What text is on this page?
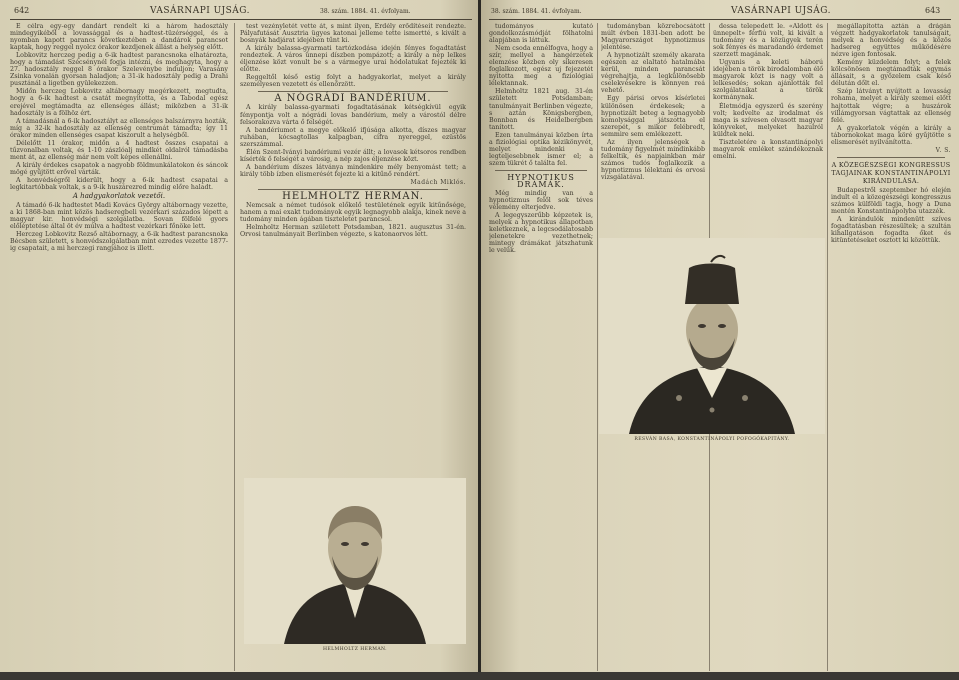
642	VASÁRNAPI UJSÁG.	38. szám. 1884. 41. évfolyam.

E célra egy-egy dandárt rendelt ki a három hadosztály mindegyikéből a lovassággal és a hadtest-tüzérséggel, és a nyomban kapott parancs következtében a dandárok parancsot kaptak, hogy reggel nyolcz órakor kezdjenek állást a helység előtt.

Lobkovitz herczeg pedig a 6-ik hadtest parancsnoka elhatározta, hogy a támadást Szécsénynél fogja intézni, és meghagyta, hogy a 27. hadosztály reggel 8 órakor Szelevénybe induljon; Varasány Zsinka vonalán gyorsan haladjon; a 31-ik hadosztály pedig a Drahi pusztánál a ligetben gyülekezzen.

Midőn herczeg Lobkovitz altábornagy megérkezett, megtudta, hogy a 6-ik hadtest a csatát megnyitotta, és a Tabodal egész erejével megtámadta az ellenséges állást; miközben a 31-ik hadosztály is a fölhöz ért.

A támadásnál a 6-ik hadosztályt az ellenséges balszárnyra hozták, míg a 32-ik hadosztály az ellenség centrumát támadta; így 11 órakor minden ellenséges csapat kiszorult a helységből.

Délelőtt 11 órakor, midőn a 4 hadtest összes csapatai a tűzvonalban voltak, és 1-10 zászlóalj mindkét oldalról támadásba ment át, az ellenség már nem volt képes ellenállni.

A király érdekes csapatok a nagyobb földmunkálatokon és sáncok mögé gyűjtött erővel várták.

A honvédségről kiderült, hogy a 6-ik hadtest csapatai a legkitartóbbak voltak, s a 9-ik huszárezred mindig előre haladt.

A hadgyakorlatok vezetői.

A támadó 6-ik hadtestet Madi Kovács György altábornagy vezette, a ki 1868-ban mint közös hadseregbeli vezérkari százados lépett a magyar kir. honvédségi szolgálatba. Sovan fölfelé gyors előléptetése által öt év múlva a hadtest vezérkari főnöke lett.

Herczeg Lobkovitz Rezső altábornagy, a 6-ik hadtest parancsnoka Bécsben született, s honvédszolgálatban mint ezredes vezette 1877-ig csapatait, a mi herczegi rangjához is illett.

test vezényletét vette át, s mint ilyen, Erdély erődítéseit rendezte. Pályafutását Ausztria ügyes katonai jelleme tette ismertté, s kivált a bosnyák hadjárat idejében tűnt ki.

A király balassa-gyarmati tartózkodása idején fényes fogadtatást rendeztek. A város ünnepi díszben pompázott; a király a nép lelkes éljenzése közt vonult be s a vármegye urai hódolatukat fejezték ki előtte.

Reggeltől késő estig folyt a hadgyakorlat, melyet a király személyesen vezetett és ellenőrzött.

A NÓGRÁDI BANDÉRIUM.

A király balassa-gyarmati fogadtatásának kétségkívül egyik fénypontja volt a nógrádi lovas bandérium, mely a várostól délre felsorakozva várta ő felségét.

A bandériumot a megye előkelő ifjúsága alkotta, díszes magyar ruhában, kócsagtollas kalpagban, cifra nyereggel, ezüstös szerszámmal.

Élén Szent-Iványi bandériumi vezér állt; a lovasok kétsoros rendben kísérték ő felségét a városig, a nép zajos éljenzése közt.

A bandérium díszes látványa mindenkire mély benyomást tett; a király több ízben elismerését fejezte ki a kitűnő rendért.

Madách Miklós.
HELMHOLTZ HERMAN.

Nemcsak a német tudósok előkelő testületének egyik kitűnősége, hanem a mai exakt tudományok egyik legnagyobb alakja, kinek neve a tudomány minden ágában tiszteletet parancsol.

Helmholtz Herman született Potsdamban, 1821. augusztus 31-én. Orvosi tanulmányait Berlinben végezte, s katonaorvos lett.

HELMHOLTZ HERMAN.
38. szám. 1884. 41. évfolyam.	VASÁRNAPI UJSÁG.	643

tudományos kutató gondolkozásmódját fölhatolni alapjában is láttuk.

Nem csoda ennélfogva, hogy a szír, mellyel a hangérzetek elemzése közben oly sikeresen foglalkozott, egész uj fejezetét nyitotta meg a fiziológiai lélektannak.

Helmholtz 1821 aug. 31-én született Potsdamban; tanulmányait Berlinben végezte, s aztán Königsbergben, Bonnban és Heidelbergben tanított.

Ezen tanulmányai közben írta a fiziológiai optika kézikönyvét, melyet mindenki a legteljesebbnek ismer el; a szem tükrét ő találta fel.

HYPNOTIKUS DRÁMÁK.

Még mindig van a hypnotizmus felől sok téves vélemény elterjedve.

A legegyszerűbb képzetek is, melyek a hypnotikus állapotban keletkeznek, a legcsodálatosabb jelenetekre vezethetnek; mintegy drámákat játszhatunk le velük.

tudományban közrebocsátott múlt évben 1831-ben adott be Magyarországot hypnotizmus jelentése.

A hypnotizált személy akarata egészen az elaltató hatalmába kerül, minden parancsát végrehajtja, a legkülönösebb cselekvésekre is könnyen reá vehető.

Egy párisi orvos kísérletei különösen érdekesek; a hypnotizált beteg a legnagyobb komolysággal játszotta el szerepét, s mikor felébredt, semmire sem emlékezett.

Az ilyen jelenségek a tudomány figyelmét mindinkább felkeltik, és napjainkban már számos tudós foglalkozik a hypnotizmus lélektani és orvosi vizsgálatával.

dessa telepedett le. «Áldott és ünnepelt» férfiú volt, ki kivált a tudomány és a közügyek terén sok fényes és maradandó érdemet szerzett magának.

Ugyanis a keleti háború idejében a török birodalomban élő magyarok közt is nagy volt a lelkesedés; sokan ajánlották fel szolgálataikat a török kormánynak.

Életmódja egyszerű és szerény volt; kedvelte az irodalmat és maga is szívesen olvasott magyar könyveket, melyeket hazulról küldtek neki.

Tiszteletére a konstantinápolyi magyarok emléket szándékoznak emelni.

megállapította aztán a drágán végzett hadgyakorlatok tanulságait, melyek a honvédség és a közös hadsereg együttes működésére nézve igen fontosak.

Kemény küzdelem folyt; a felek kölcsönösen megtámadták egymás állásait, s a győzelem csak késő délután dőlt el.

Szép látványt nyújtott a lovasság rohama, melyet a király szemei előtt hajtottak végre; a huszárok villámgyorsan vágtattak az ellenség felé.

A gyakorlatok végén a király a tábornokokat maga köré gyűjtötte s elismerését nyilvánította.

V. S.
A KÖZEGÉSZSÉGI KONGRESSUS TAGJAINAK KONSTANTINÁPOLYI KIRÁNDULÁSA.

Budapestről szeptember hó elején indult el a közegészségi kongresszus számos külföldi tagja, hogy a Duna mentén Konstantinápolyba utazzék.

A kirándulók mindenütt szíves fogadtatásban részesültek; a szultán kihallgatáson fogadta őket és kitüntetéseket osztott ki közöttük.

RESVÁN BASA, KONSTANTINÁPOLYI POFOGÓKAPITÁNY.
